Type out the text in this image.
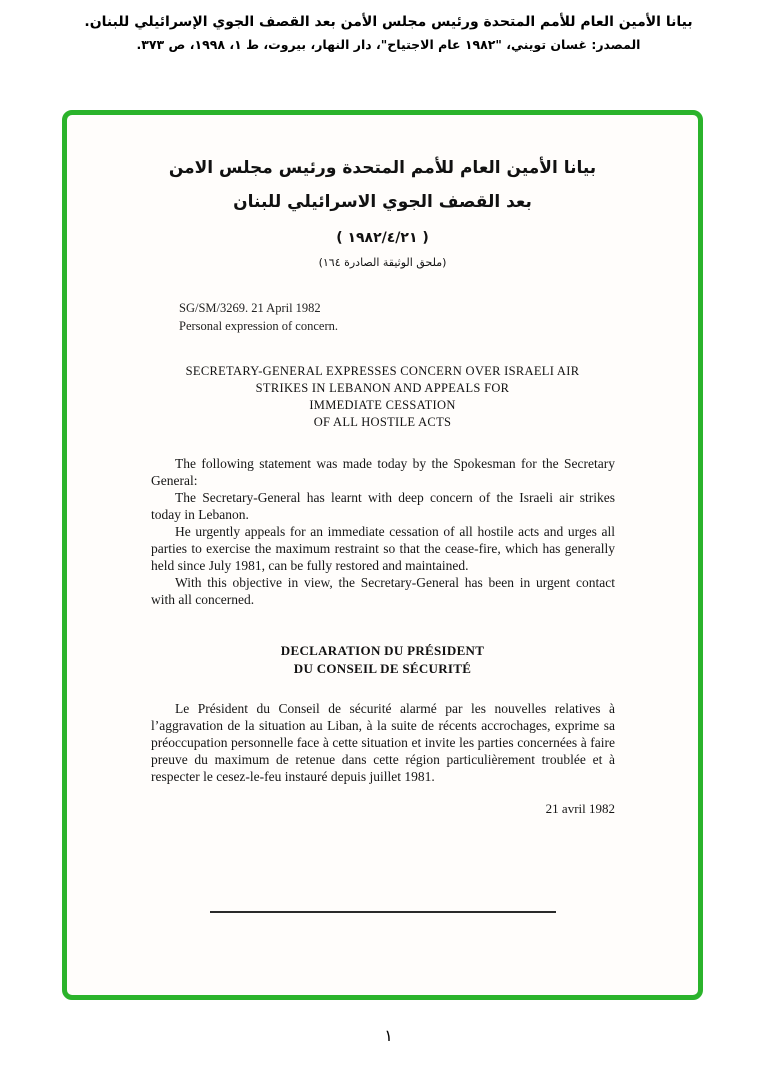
بيانا الأمين العام للأمم المتحدة ورئيس مجلس الأمن بعد القصف الجوي الإسرائيلي للبنان.
المصدر: غسان تويني، "١٩٨٢ عام الاجتياح"، دار النهار، بيروت، ط ١، ١٩٩٨، ص ٣٧٣.
بيانا الأمين العام للأمم المتحدة ورئيس مجلس الامن
بعد القصف الجوي الاسرائيلي للبنان
( ١٩٨٢/٤/٢١ )
(ملحق الوثيقة الصادرة ١٦٤)
SG/SM/3269. 21 April 1982
Personal expression of concern.
SECRETARY-GENERAL EXPRESSES CONCERN OVER ISRAELI AIR
STRIKES IN LEBANON AND APPEALS FOR
IMMEDIATE CESSATION
OF ALL HOSTILE ACTS

The following statement was made today by the Spokesman for the Secretary General:

The Secretary-General has learnt with deep concern of the Israeli air strikes today in Lebanon.

He urgently appeals for an immediate cessation of all hostile acts and urges all parties to exercise the maximum restraint so that the cease-fire, which has generally held since July 1981, can be fully restored and maintained.

With this objective in view, the Secretary-General has been in urgent contact with all concerned.

DECLARATION DU PRÉSIDENT
DU CONSEIL DE SÉCURITÉ

Le Président du Conseil de sécurité alarmé par les nouvelles relatives à l’aggravation de la situation au Liban, à la suite de récents accrochages, exprime sa préoccupation personnelle face à cette situation et invite les parties concernées à faire preuve du maximum de retenue dans cette région particulièrement troublée et à respecter le cesez-le-feu instauré depuis juillet 1981.

21 avril 1982
١
